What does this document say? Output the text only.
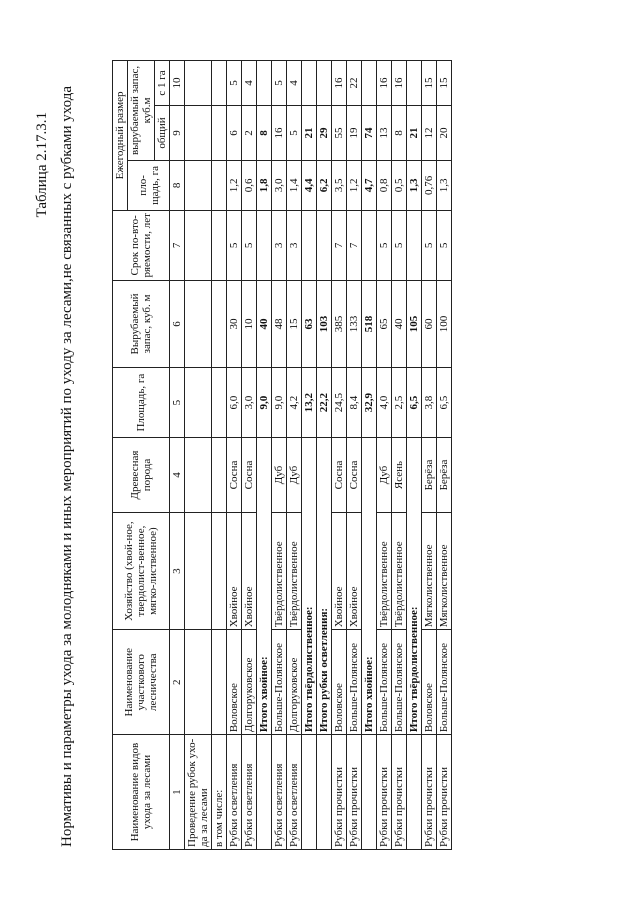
Таблица 2.17.3.1 Нормативы и параметры ухода за молодняками и иных мероприятий по уходу за лесами,не связанных с рубками ухода	Наименование видов ухода за лесами	Наименование участкового лесничества	Хозяйство (хвой-ное, твердолист-венное, мягко-лиственное)	Древесная порода	Площадь, га	Вырубаемый запас, куб. м	Срок по-вто-ряемости, лет	Ежегодный размер		
							пло-щадь, га	вырубаемый запас, куб.м	
								общий	с 1 га
1	2	3	4	5	6	7	8	9	10
Проведение рубок ухо-да за лесами									
в том числе:									
Рубки осветления	Воловское	Хвойное	Сосна	6,0	30	5	1,2	6	5
Рубки осветления	Долгоруковское	Хвойное	Сосна	3,0	10	5	0,6	2	4
	Итого хвойное:			9,0	40		1,8	8	
Рубки осветления	Больше-Полянское	Твёрдолиственное	Дуб	9,0	48	3	3,0	16	5
Рубки осветления	Долгоруковское	Твёрдолиственное	Дуб	4,2	15	3	1,4	5	4
	Итого твёрдолиственное:			13,2	63		4,4	21	
	Итого рубки осветления:			22,2	103		6,2	29	
Рубки прочистки	Воловское	Хвойное	Сосна	24,5	385	7	3,5	55	16
Рубки прочистки	Больше-Полянское	Хвойное	Сосна	8,4	133	7	1,2	19	22
	Итого хвойное:			32,9	518		4,7	74	
Рубки прочистки	Больше-Полянское	Твёрдолиственное	Дуб	4,0	65	5	0,8	13	16
Рубки прочистки	Больше-Полянское	Твёрдолиственное	Ясень	2,5	40	5	0,5	8	16
	Итого твёрдолиственное:			6,5	105		1,3	21	
Рубки прочистки	Воловское	Мягколиственное	Берёза	3,8	60	5	0,76	12	15
Рубки прочистки	Больше-Полянское	Мягколиственное	Берёза	6,5	100	5	1,3	20	15
